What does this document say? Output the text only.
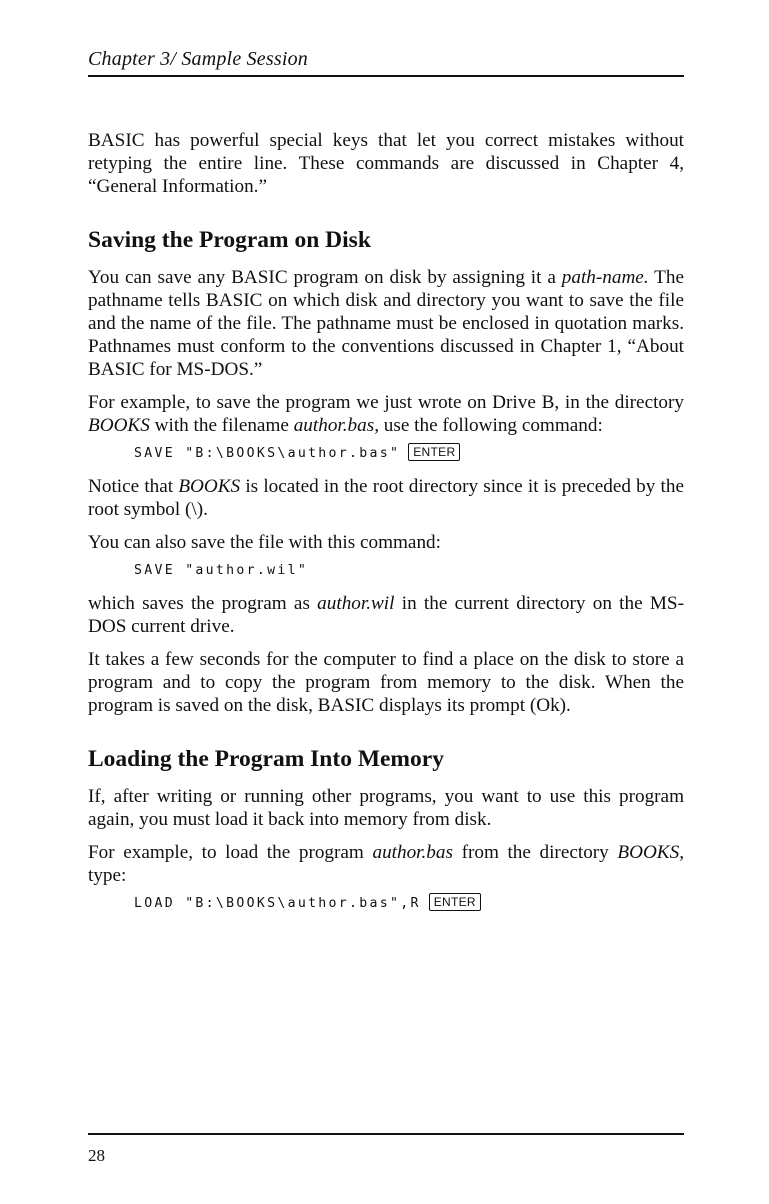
Chapter 3/ Sample Session

BASIC has powerful special keys that let you correct mistakes without retyping the entire line. These commands are discussed in Chapter 4, “General Information.”

Saving the Program on Disk

You can save any BASIC program on disk by assigning it a path-name. The pathname tells BASIC on which disk and directory you want to save the file and the name of the file. The pathname must be enclosed in quotation marks. Pathnames must conform to the conventions discussed in Chapter 1, “About BASIC for MS-DOS.”

For example, to save the program we just wrote on Drive B, in the directory BOOKS with the filename author.bas, use the following command:

SAVE "B:\BOOKS\author.bas" ENTER

Notice that BOOKS is located in the root directory since it is preceded by the root symbol (\).

You can also save the file with this command:

SAVE "author.wil"

which saves the program as author.wil in the current directory on the MS-DOS current drive.

It takes a few seconds for the computer to find a place on the disk to store a program and to copy the program from memory to the disk. When the program is saved on the disk, BASIC displays its prompt (Ok).

Loading the Program Into Memory

If, after writing or running other programs, you want to use this program again, you must load it back into memory from disk.

For example, to load the program author.bas from the directory BOOKS, type:

LOAD "B:\BOOKS\author.bas",R ENTER
28
